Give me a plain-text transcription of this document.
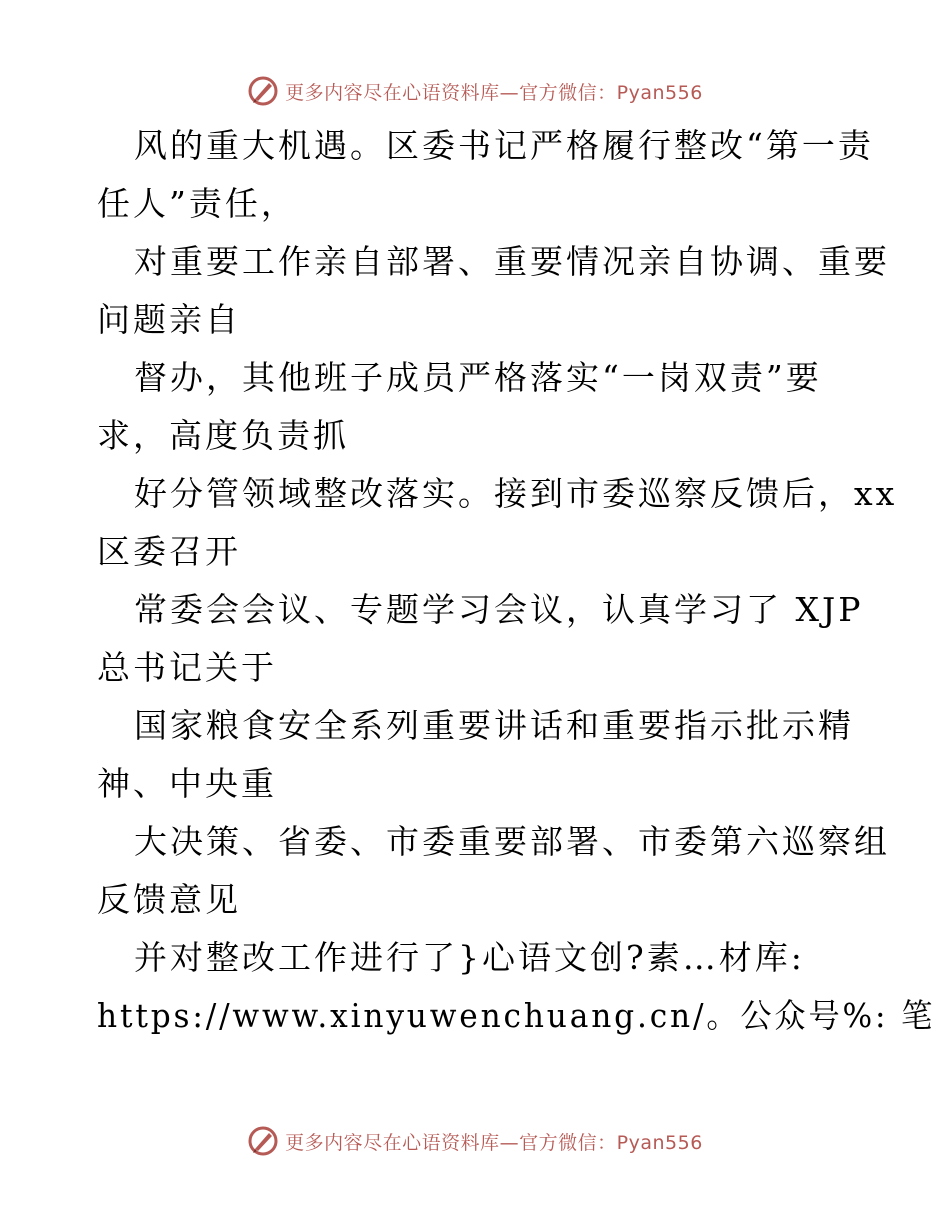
更多内容尽在心语资料库—官方微信：Pyan556
风的重大机遇。区委书记严格履行整改“第一责
任人”责任，
对重要工作亲自部署、重要情况亲自协调、重要
问题亲自
督办，其他班子成员严格落实“一岗双责”要
求，高度负责抓
好分管领域整改落实。接到市委巡察反馈后，xx
区委召开
常委会会议、专题学习会议，认真学习了 XJP
总书记关于
国家粮食安全系列重要讲话和重要指示批示精
神、中央重
大决策、省委、市委重要部署、市委第六巡察组
反馈意见
并对整改工作进行了}心语文创?素…材库:
https://www.xinyuwenchuang.cn/。公众号%: 笔
更多内容尽在心语资料库—官方微信：Pyan556
